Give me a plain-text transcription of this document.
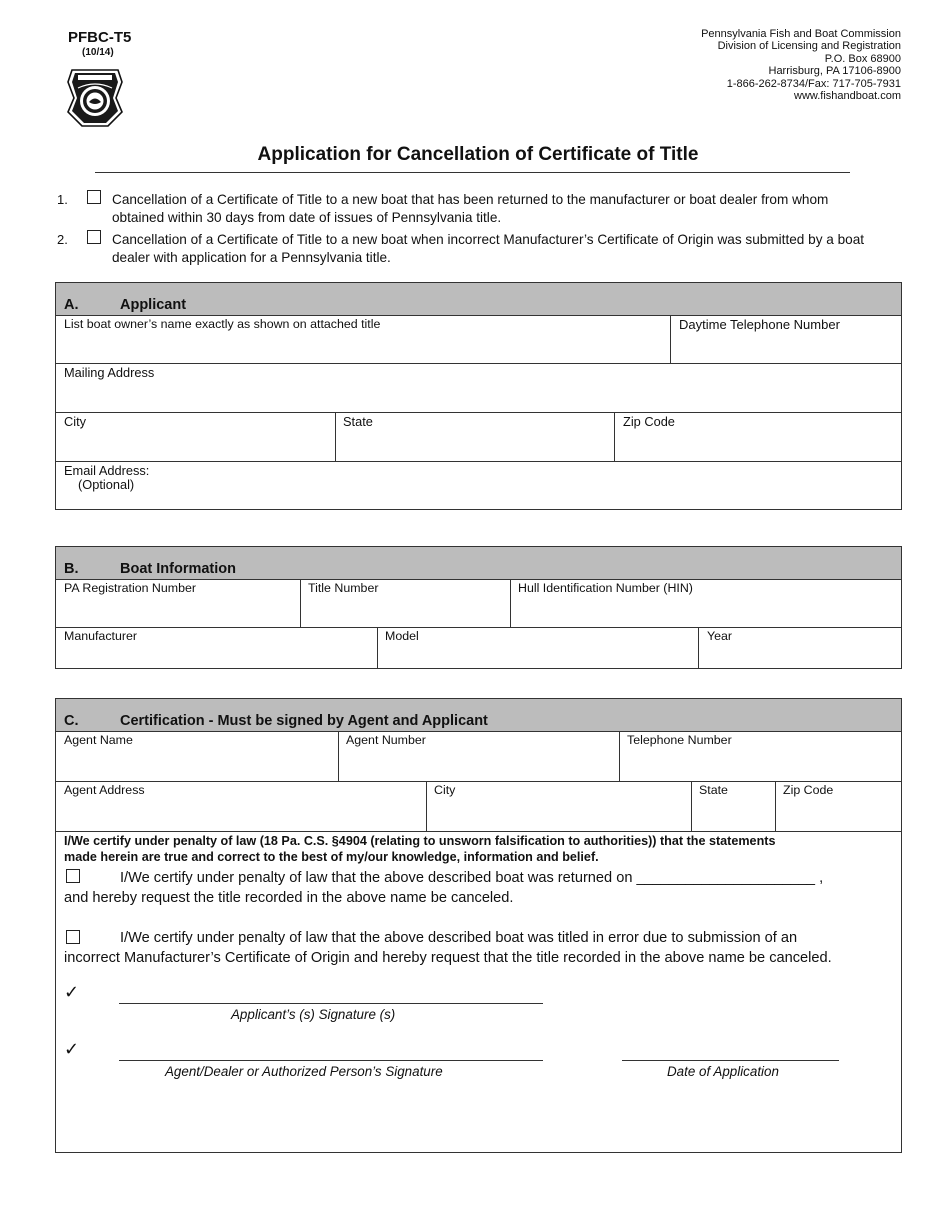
PFBC-T5
(10/14)
Pennsylvania Fish and Boat Commission
Division of Licensing and Registration
P.O. Box 68900
Harrisburg, PA 17106-8900
1-866-262-8734/Fax: 717-705-7931
www.fishandboat.com
Application for Cancellation of Certificate of Title
1.	Cancellation of a Certificate of Title to a new boat that has been returned to the manufacturer or boat dealer from whom
obtained within 30 days from date of issues of Pennsylvania title.
2.	Cancellation of a Certificate of Title to a new boat when incorrect Manufacturer’s Certificate of Origin was submitted by a boat
dealer with application for a Pennsylvania title.
A.	Applicant
List boat owner’s name exactly as shown on attached title	Daytime Telephone Number
Mailing Address
City	State	Zip Code
Email Address:
(Optional)
B.	Boat Information
PA Registration Number	Title Number	Hull Identification Number (HIN)
Manufacturer	Model	Year
C.	Certification - Must be signed by Agent and Applicant
Agent Name	Agent Number	Telephone Number
Agent Address	City	State	Zip Code
I/We certify under penalty of law (18 Pa. C.S. §4904 (relating to unsworn falsification to authorities)) that the statements
made herein are true and correct to the best of my/our knowledge, information and belief.
I/We certify under penalty of law that the above described boat was returned on ______________________ ,
and hereby request the title recorded in the above name be canceled.
I/We certify under penalty of law that the above described boat was titled in error due to submission of an
incorrect Manufacturer’s Certificate of Origin and hereby request that the title recorded in the above name be canceled.
✓
Applicant’s (s) Signature (s)
✓
Agent/Dealer or Authorized Person’s Signature	Date of Application
